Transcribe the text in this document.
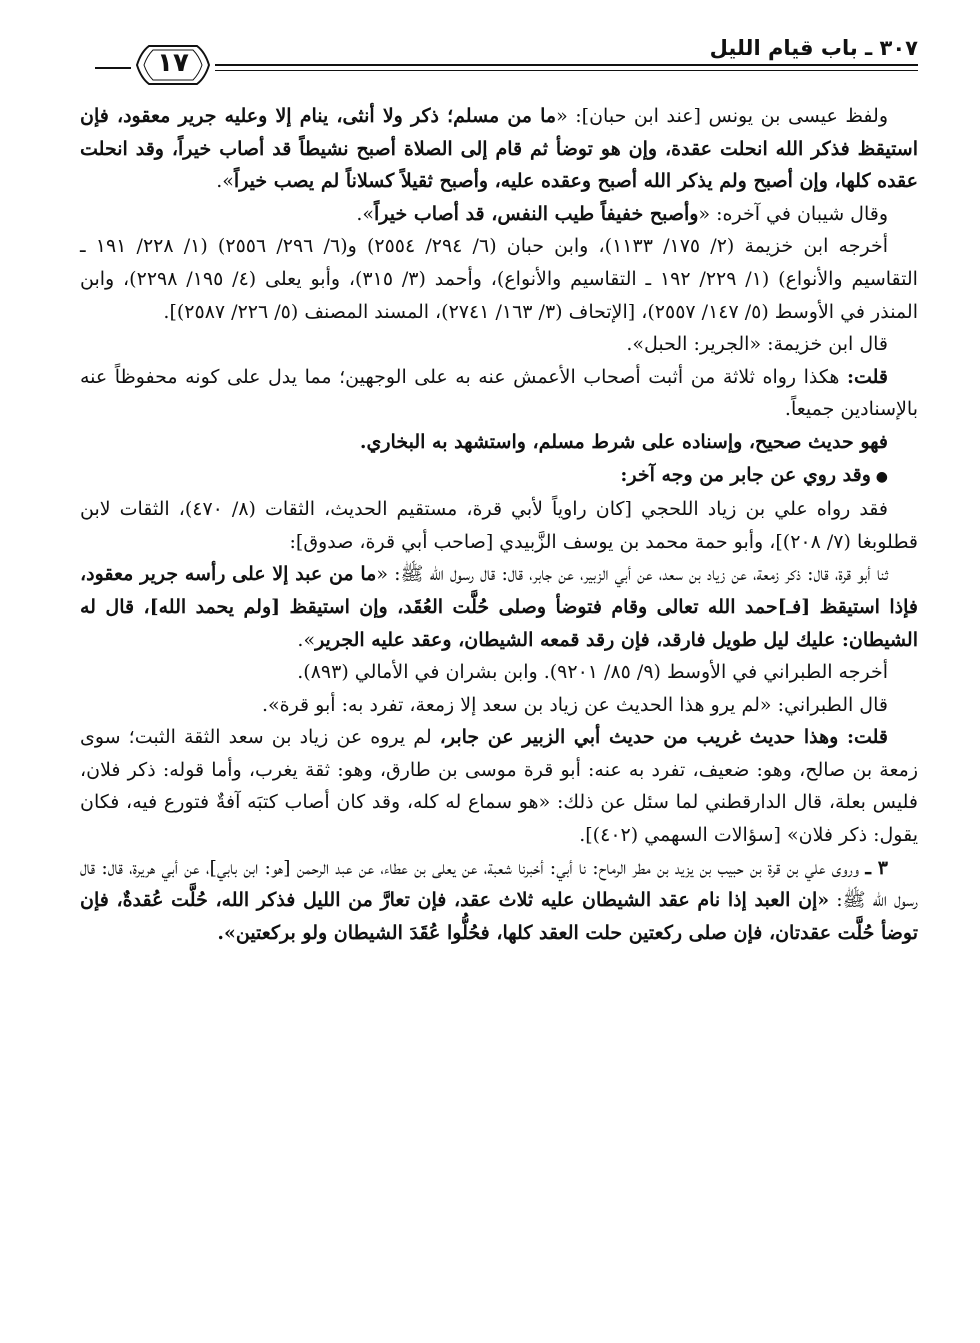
٣٠٧ ـ باب قيام الليل
١٧

ولفظ عيسى بن يونس [عند ابن حبان]: «ما من مسلم؛ ذكر ولا أنثى، ينام إلا وعليه جرير معقود، فإن استيقظ فذكر الله انحلت عقدة، وإن هو توضأ ثم قام إلى الصلاة أصبح نشيطاً قد أصاب خيراً، وقد انحلت عقده كلها، وإن أصبح ولم يذكر الله أصبح وعقده عليه، وأصبح ثقيلاً كسلاناً لم يصب خيراً».

وقال شيبان في آخره: «وأصبح خفيفاً طيب النفس، قد أصاب خيراً».

أخرجه ابن خزيمة (٢/ ١٧٥/ ١١٣٣)، وابن حبان (٦/ ٢٩٤/ ٢٥٥٤) و(٦/ ٢٩٦/ ٢٥٥٦) (١/ ٢٢٨/ ١٩١ ـ التقاسيم والأنواع) (١/ ٢٢٩/ ١٩٢ ـ التقاسيم والأنواع)، وأحمد (٣/ ٣١٥)، وأبو يعلى (٤/ ١٩٥/ ٢٢٩٨)، وابن المنذر في الأوسط (٥/ ١٤٧/ ٢٥٥٧)، [الإتحاف (٣/ ١٦٣/ ٢٧٤١)، المسند المصنف (٥/ ٢٢٦/ ٢٥٨٧)].

قال ابن خزيمة: «الجرير: الحبل».

قلت: هكذا رواه ثلاثة من أثبت أصحاب الأعمش عنه به على الوجهين؛ مما يدل على كونه محفوظاً عنه بالإسنادين جميعاً.

فهو حديث صحيح، وإسناده على شرط مسلم، واستشهد به البخاري.

● وقد روي عن جابر من وجه آخر:

فقد رواه علي بن زياد اللحجي [كان راوياً لأبي قرة، مستقيم الحديث، الثقات (٨/ ٤٧٠)، الثقات لابن قطلوبغا (٧/ ٢٠٨)]، وأبو حمة محمد بن يوسف الزَّبيدي [صاحب أبي قرة، صدوق]:

ثنا أبو قرة، قال: ذكر زمعة، عن زياد بن سعد، عن أبي الزبير، عن جابر، قال: قال رسول الله ﷺ: «ما من عبد إلا على رأسه جرير معقود، فإذا استيقظ [فـ]حمد الله تعالى وقام فتوضأ وصلى حُلَّت العُقَد، وإن استيقظ [ولم يحمد الله]، قال له الشيطان: عليك ليل طويل فارقد، فإن رقد قمعه الشيطان، وعقد عليه الجرير».

أخرجه الطبراني في الأوسط (٩/ ٨٥/ ٩٢٠١). وابن بشران في الأمالي (٨٩٣).

قال الطبراني: «لم يرو هذا الحديث عن زياد بن سعد إلا زمعة، تفرد به: أبو قرة».

قلت: وهذا حديث غريب من حديث أبي الزبير عن جابر، لم يروه عن زياد بن سعد الثقة الثبت؛ سوى زمعة بن صالح، وهو: ضعيف، تفرد به عنه: أبو قرة موسى بن طارق، وهو: ثقة يغرب، وأما قوله: ذكر فلان، فليس بعلة، قال الدارقطني لما سئل عن ذلك: «هو سماع له كله، وقد كان أصاب كتبَه آفةٌ فتورع فيه، فكان يقول: ذكر فلان» [سؤالات السهمي (٤٠٢)].

٣ ـ وروى علي بن قرة بن حبيب بن يزيد بن مطر الرماح: نا أبي: أخبرنا شعبة، عن يعلى بن عطاء، عن عبد الرحمن [هو: ابن بابي]، عن أبي هريرة، قال: قال رسول الله ﷺ: «إن العبد إذا نام عقد الشيطان عليه ثلاث عقد، فإن تعارَّ من الليل فذكر الله، حُلَّت عُقدةٌ، فإن توضأ حُلَّت عقدتان، فإن صلى ركعتين حلت العقد كلها، فحُلُّوا عُقَدَ الشيطان ولو بركعتين».
